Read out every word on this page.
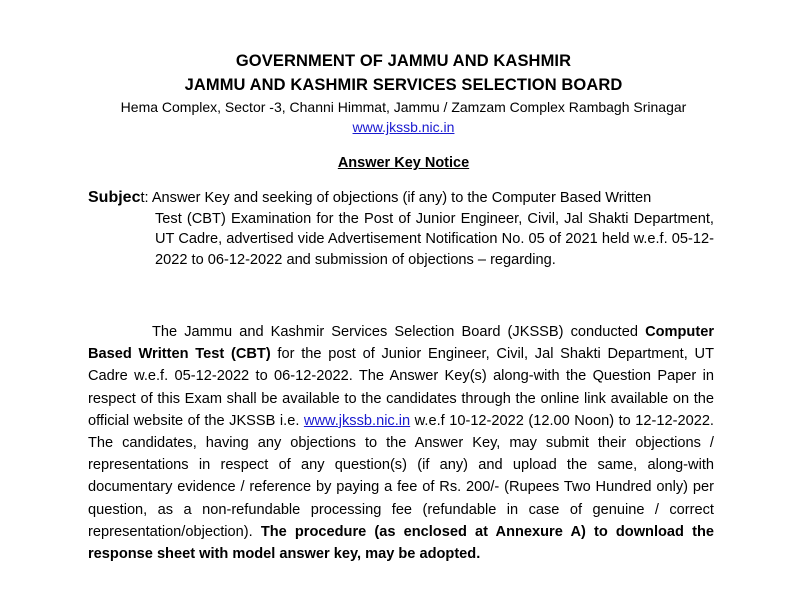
GOVERNMENT OF JAMMU AND KASHMIR
JAMMU AND KASHMIR SERVICES SELECTION BOARD
Hema Complex, Sector -3, Channi Himmat, Jammu / Zamzam Complex Rambagh Srinagar
www.jkssb.nic.in
Answer Key Notice
Subject: Answer Key and seeking of objections (if any) to the Computer Based Written
Test (CBT) Examination for the Post of Junior Engineer, Civil, Jal Shakti Department, UT Cadre, advertised vide Advertisement Notification No. 05 of 2021 held w.e.f. 05-12-2022 to 06-12-2022 and submission of objections – regarding.
The Jammu and Kashmir Services Selection Board (JKSSB) conducted Computer Based Written Test (CBT) for the post of Junior Engineer, Civil, Jal Shakti Department, UT Cadre w.e.f. 05-12-2022 to 06-12-2022. The Answer Key(s) along-with the Question Paper in respect of this Exam shall be available to the candidates through the online link available on the official website of the JKSSB i.e. www.jkssb.nic.in w.e.f 10-12-2022 (12.00 Noon) to 12-12-2022. The candidates, having any objections to the Answer Key, may submit their objections / representations in respect of any question(s) (if any) and upload the same, along-with documentary evidence / reference by paying a fee of Rs. 200/- (Rupees Two Hundred only) per question, as a non-refundable processing fee (refundable in case of genuine / correct representation/objection). The procedure (as enclosed at Annexure A) to download the response sheet with model answer key, may be adopted.
